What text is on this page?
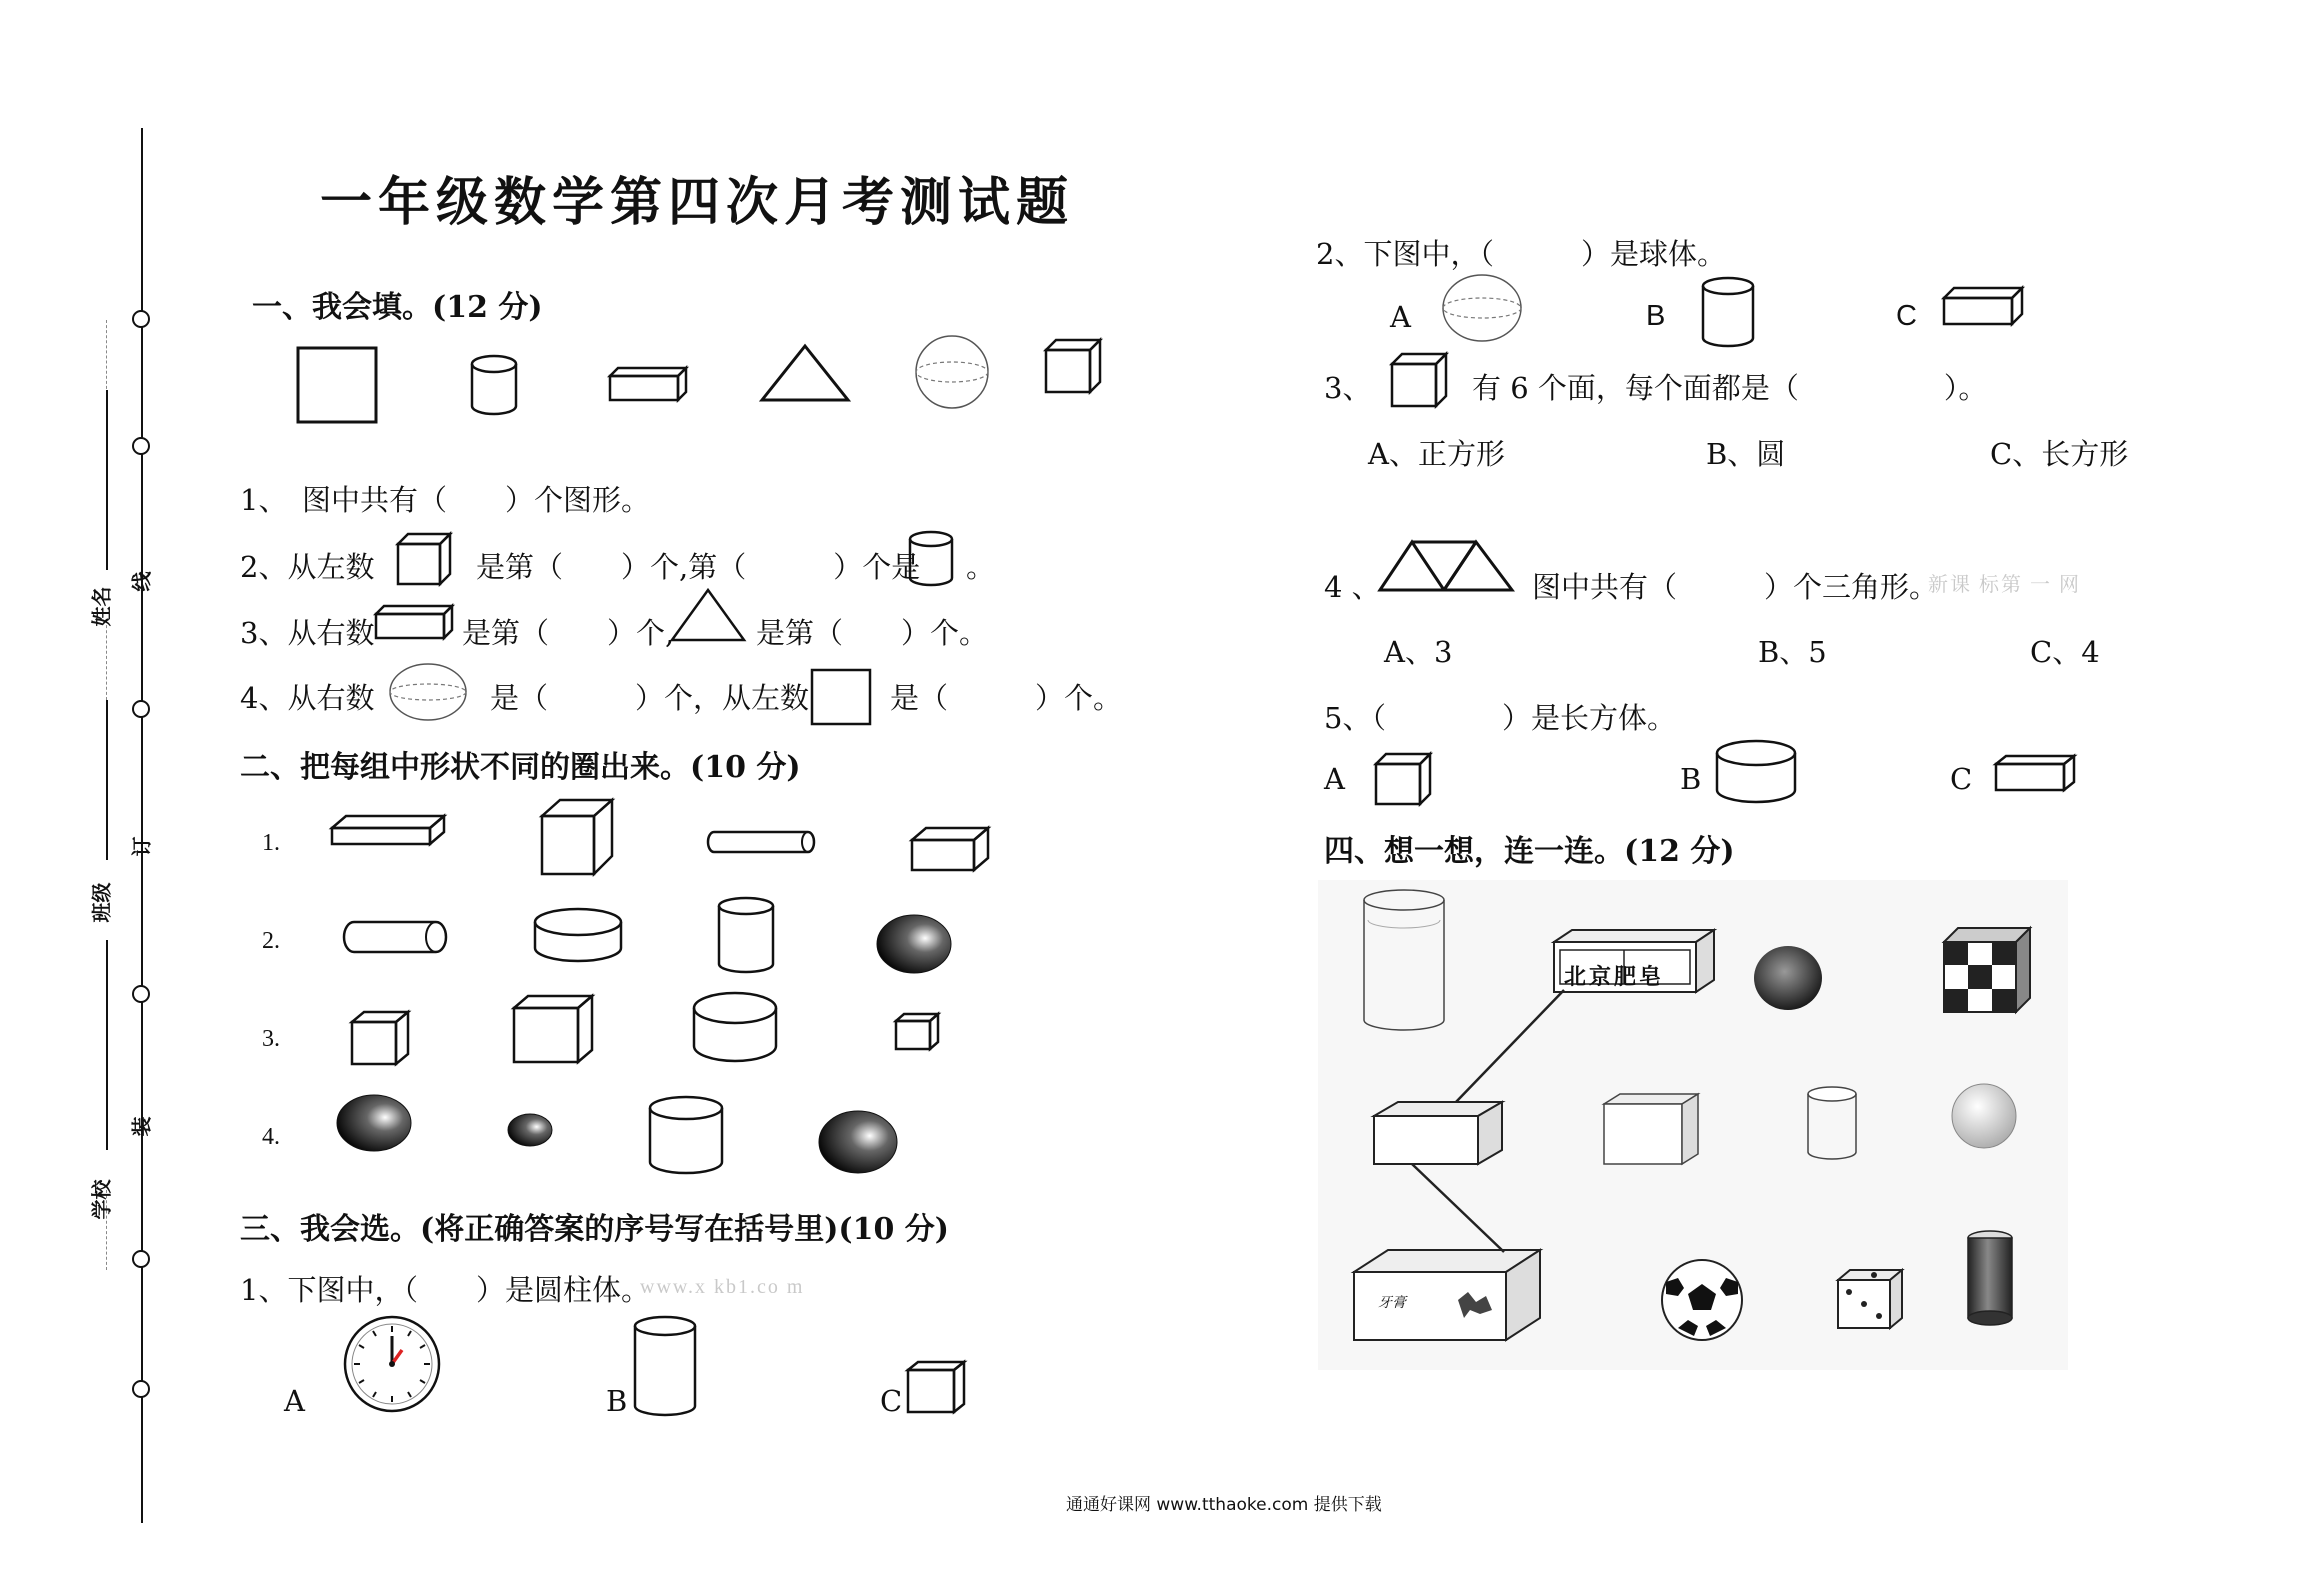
姓名
班级
学校
线
订
装
一年级数学第四次月考测试题
一、我会填。(12 分)
1、　图中共有（　　）个图形。
2、从左数	是第（　　）个,第（　　　）个是 。
3、从右数	是第（　　）个,	是第（　　）个。
4、从右数	是（　　　）个，从左数	是（　　　）个。
二、把每组中形状不同的圈出来。(10 分)
1.
2.
3.
4.
三、我会选。(将正确答案的序号写在括号里)(10 分)
1、下图中，（　　）是圆柱体。
www.x kb1.co m
A	B	C
2、下图中，（　　　）是球体。
A	B	C
3、	有 6 个面，每个面都是（　　　　　）。
A、正方形	B、圆	C、长方形
4 、	图中共有（　　　）个三角形。
新课 标第 一 网
A、3	B、5	C、4
5、（　　　　）是长方体。
A	B	C
四、想一想，连一连。(12 分)
北京肥皂
牙膏
通通好课网 www.tthaoke.com 提供下载
